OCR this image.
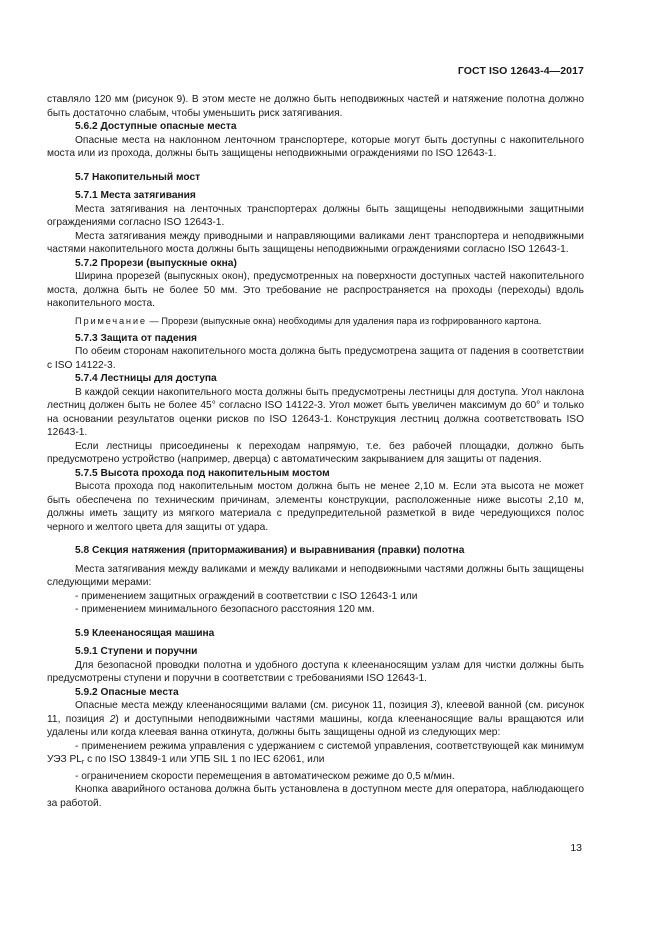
ГОСТ ISO 12643-4—2017

ставляло 120 мм (рисунок 9). В этом месте не должно быть неподвижных частей и натяжение полотна должно быть достаточно слабым, чтобы уменьшить риск затягивания.

5.6.2 Доступные опасные места

Опасные места на наклонном ленточном транспортере, которые могут быть доступны с накопительного моста или из прохода, должны быть защищены неподвижными ограждениями по ISO 12643-1.

5.7 Накопительный мост

5.7.1 Места затягивания

Места затягивания на ленточных транспортерах должны быть защищены неподвижными защитными ограждениями согласно ISO 12643-1.

Места затягивания между приводными и направляющими валиками лент транспортера и неподвижными частями накопительного моста должны быть защищены неподвижными ограждениями согласно ISO 12643-1.

5.7.2 Прорези (выпускные окна)

Ширина прорезей (выпускных окон), предусмотренных на поверхности доступных частей накопительного моста, должна быть не более 50 мм. Это требование не распространяется на проходы (переходы) вдоль накопительного моста.

Примечание — Прорези (выпускные окна) необходимы для удаления пара из гофрированного картона.

5.7.3 Защита от падения

По обеим сторонам накопительного моста должна быть предусмотрена защита от падения в соответствии с ISO 14122-3.

5.7.4 Лестницы для доступа

В каждой секции накопительного моста должны быть предусмотрены лестницы для доступа. Угол наклона лестниц должен быть не более 45° согласно ISO 14122-3. Угол может быть увеличен максимум до 60° и только на основании результатов оценки рисков по ISO 12643-1. Конструкция лестниц должна соответствовать ISO 12643-1.

Если лестницы присоединены к переходам напрямую, т.е. без рабочей площадки, должно быть предусмотрено устройство (например, дверца) с автоматическим закрыванием для защиты от падения.

5.7.5 Высота прохода под накопительным мостом

Высота прохода под накопительным мостом должна быть не менее 2,10 м. Если эта высота не может быть обеспечена по техническим причинам, элементы конструкции, расположенные ниже высоты 2,10 м, должны иметь защиту из мягкого материала с предупредительной разметкой в виде чередующихся полос черного и желтого цвета для защиты от удара.

5.8 Секция натяжения (притормаживания) и выравнивания (правки) полотна

Места затягивания между валиками и между валиками и неподвижными частями должны быть защищены следующими мерами:

- применением защитных ограждений в соответствии с ISO 12643-1 или

- применением минимального безопасного расстояния 120 мм.

5.9 Клеенаносящая машина

5.9.1 Ступени и поручни

Для безопасной проводки полотна и удобного доступа к клеенаносящим узлам для чистки должны быть предусмотрены ступени и поручни в соответствии с требованиями ISO 12643-1.

5.9.2 Опасные места

Опасные места между клеенаносящими валами (см. рисунок 11, позиция 3), клеевой ванной (см. рисунок 11, позиция 2) и доступными неподвижными частями машины, когда клеенаносящие валы вращаются или удалены или когда клеевая ванна откинута, должны быть защищены одной из следующих мер:

- применением режима управления с удержанием с системой управления, соответствующей как минимум УЭЗ $PL_r$ c по ISO 13849-1 или УПБ SIL 1 по IEC 62061, или

- ограничением скорости перемещения в автоматическом режиме до 0,5 м/мин.

Кнопка аварийного останова должна быть установлена в доступном месте для оператора, наблюдающего за работой.

13
